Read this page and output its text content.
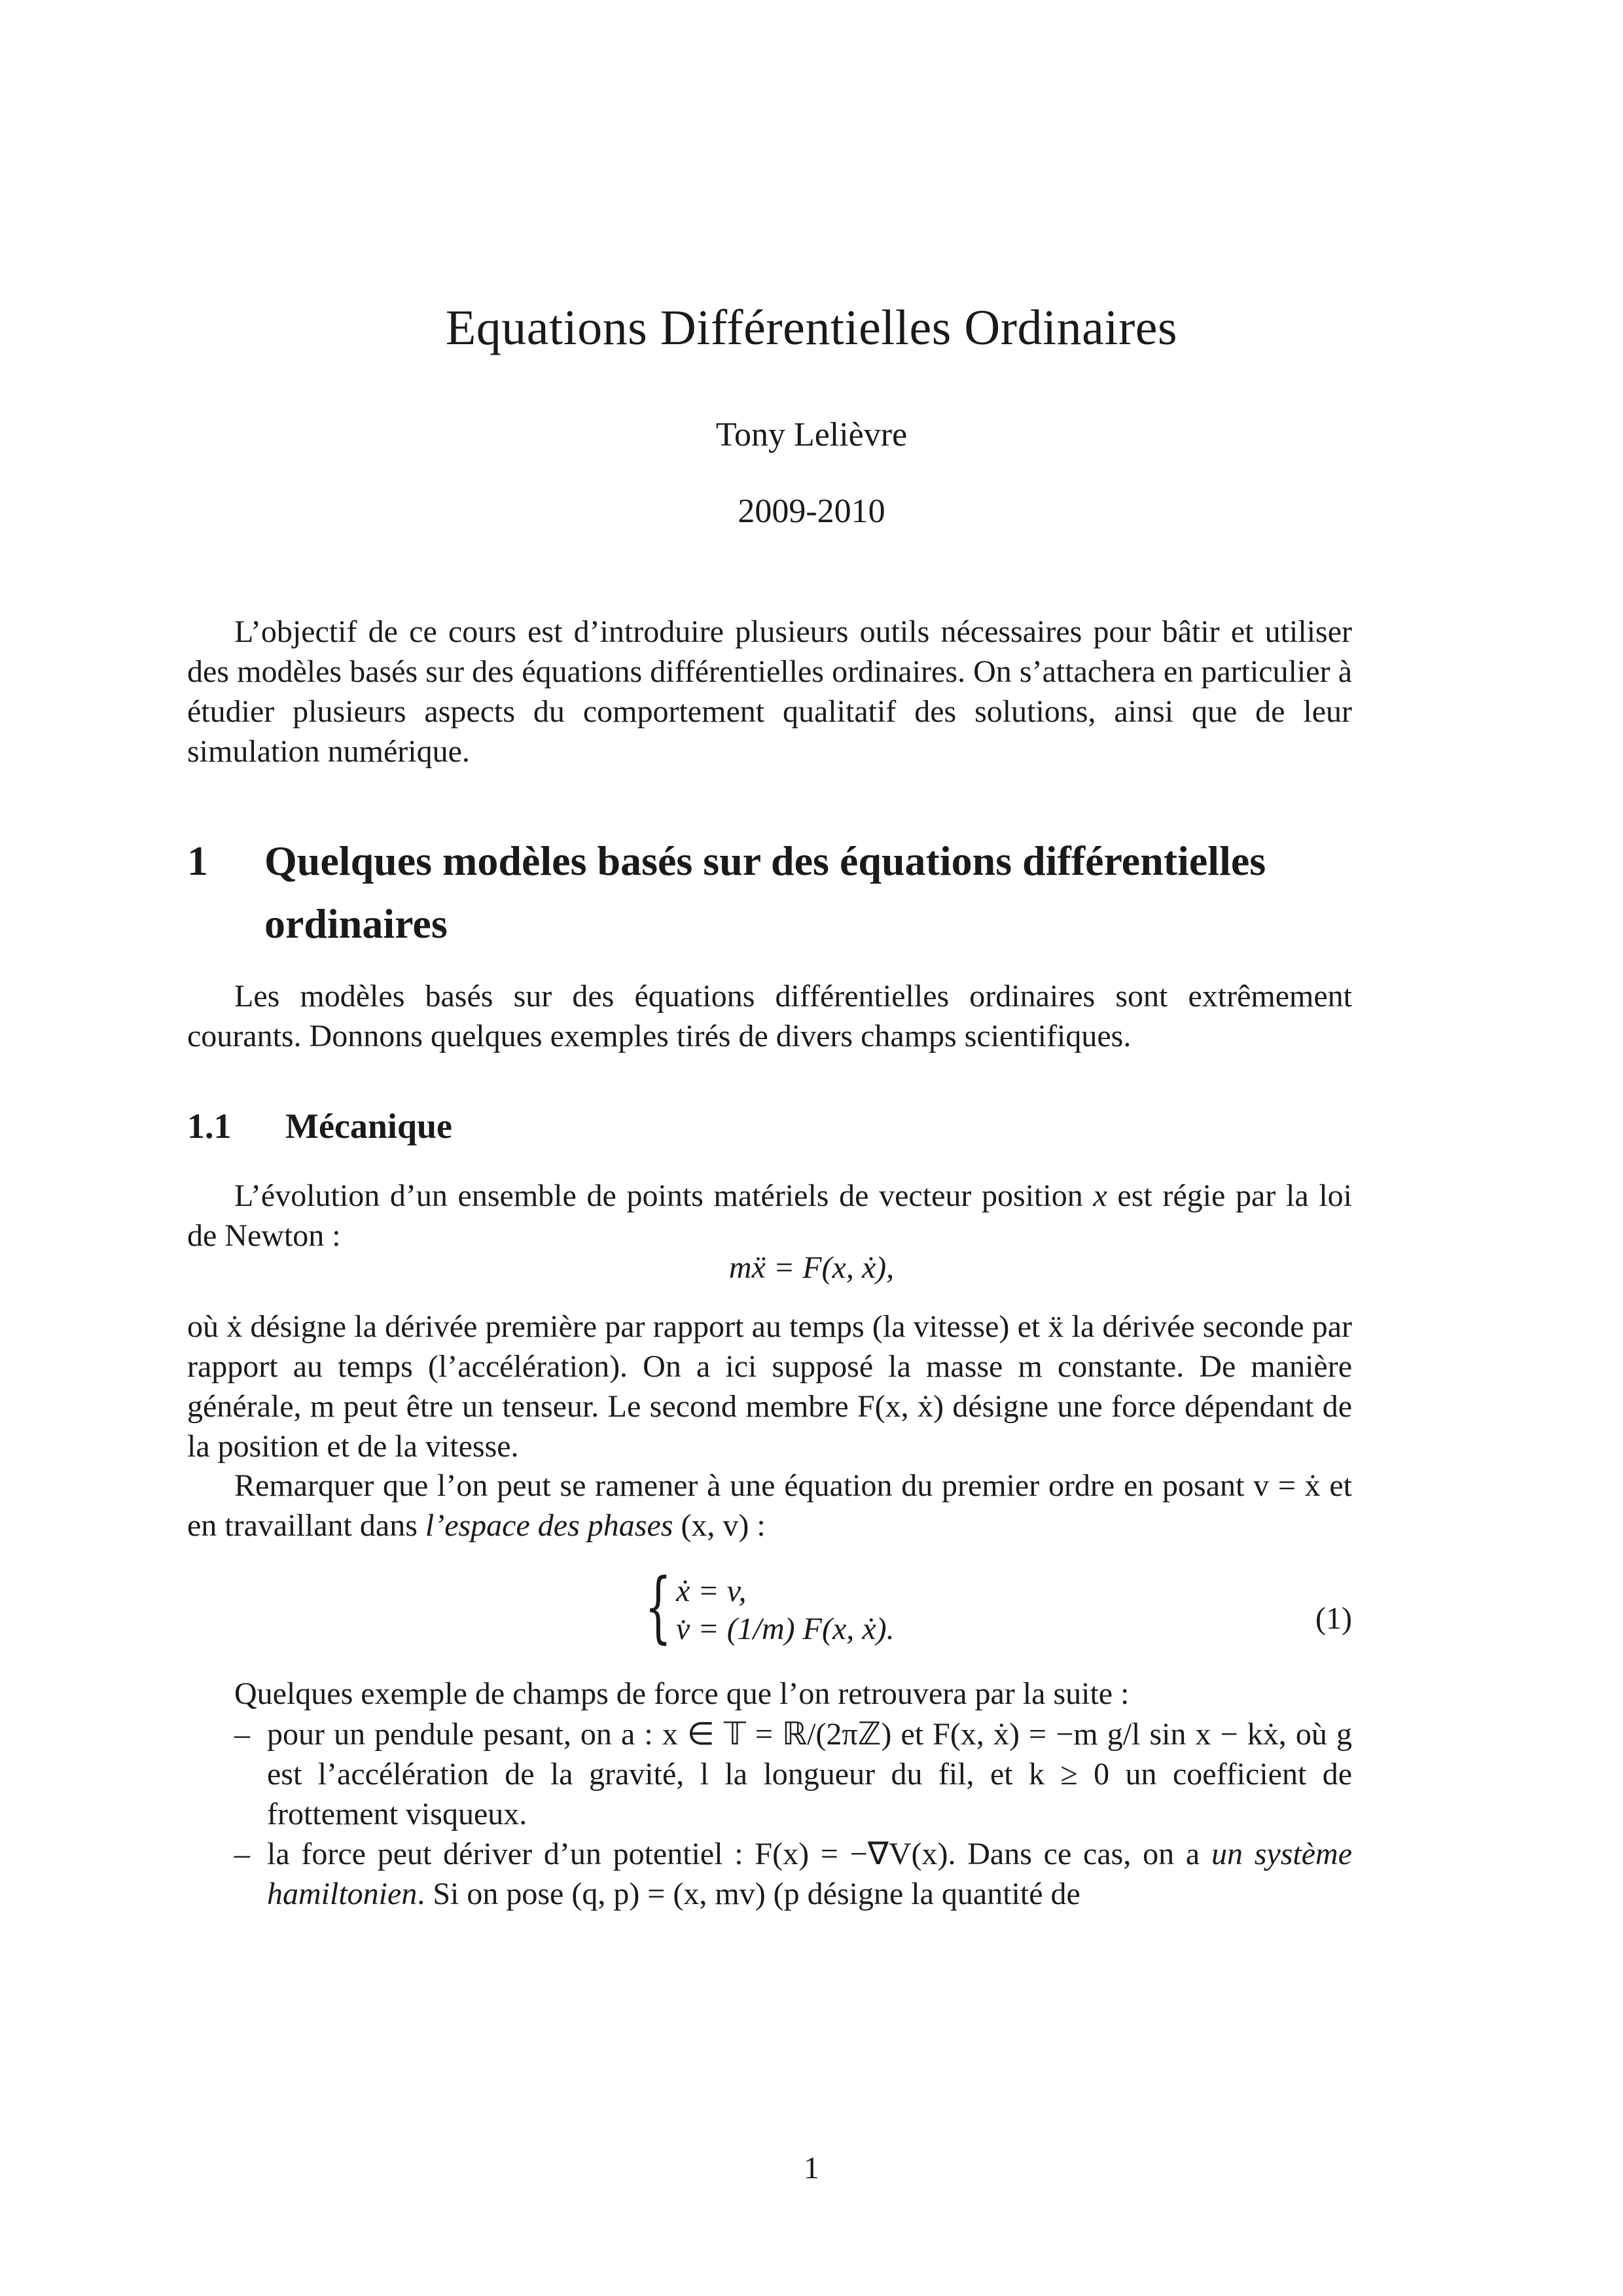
Equations Différentielles Ordinaires
Tony Lelièvre
2009-2010

L’objectif de ce cours est d’introduire plusieurs outils nécessaires pour bâtir et utiliser des modèles basés sur des équations différentielles ordinaires. On s’attachera en particulier à étudier plusieurs aspects du comportement qualitatif des solutions, ainsi que de leur simulation numérique.

1 Quelques modèles basés sur des équations différentielles ordinaires

Les modèles basés sur des équations différentielles ordinaires sont extrêmement courants. Donnons quelques exemples tirés de divers champs scientifiques.

1.1 Mécanique

L’évolution d’un ensemble de points matériels de vecteur position x est régie par la loi de Newton :

mẍ = F(x, ẋ),

où ẋ désigne la dérivée première par rapport au temps (la vitesse) et ẍ la dérivée seconde par rapport au temps (l’accélération). On a ici supposé la masse m constante. De manière générale, m peut être un tenseur. Le second membre F(x, ẋ) désigne une force dépendant de la position et de la vitesse.

Remarquer que l’on peut se ramener à une équation du premier ordre en posant v = ẋ et en travaillant dans l’espace des phases (x, v) :

{ ẋ = v,
v̇ = (1/m) F(x, ẋ).	(1)

Quelques exemple de champs de force que l’on retrouvera par la suite :

– pour un pendule pesant, on a : x ∈ 𝕋 = ℝ/(2πℤ) et F(x, ẋ) = −m g/l sin x − kẋ, où g est l’accélération de la gravité, l la longueur du fil, et k ≥ 0 un coefficient de frottement visqueux.
– la force peut dériver d’un potentiel : F(x) = −∇V(x). Dans ce cas, on a un système hamiltonien. Si on pose (q, p) = (x, mv) (p désigne la quantité de
1
